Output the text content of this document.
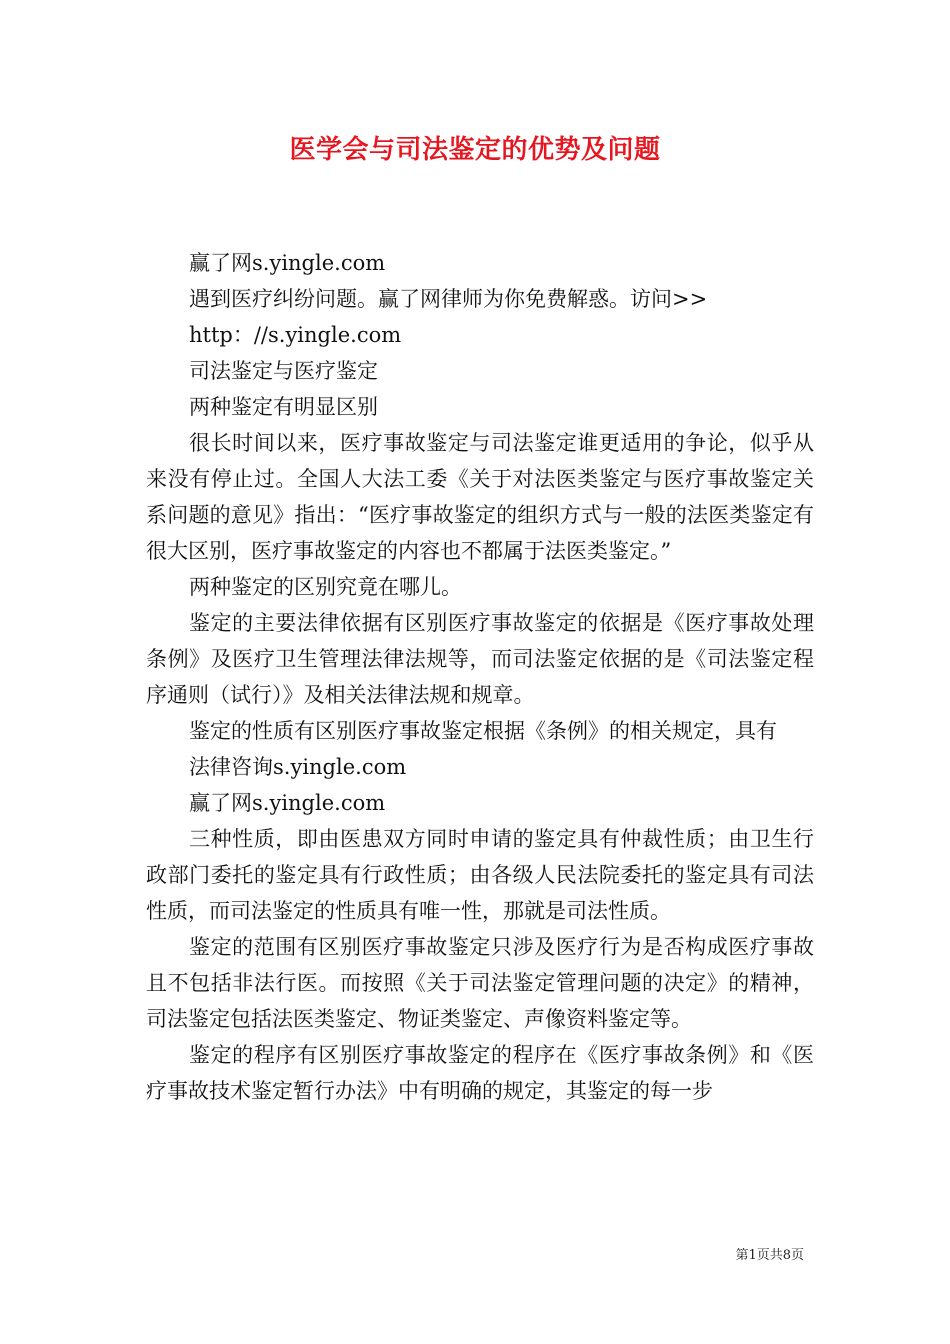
医学会与司法鉴定的优势及问题
赢了网s.yingle.com
遇到医疗纠纷问题。赢了网律师为你免费解惑。访问>>
http：//s.yingle.com
司法鉴定与医疗鉴定
两种鉴定有明显区别
很长时间以来，医疗事故鉴定与司法鉴定谁更适用的争论，似乎从来没有停止过。全国人大法工委《关于对法医类鉴定与医疗事故鉴定关系问题的意见》指出：“医疗事故鉴定的组织方式与一般的法医类鉴定有很大区别，医疗事故鉴定的内容也不都属于法医类鉴定。”
两种鉴定的区别究竟在哪儿。
鉴定的主要法律依据有区别医疗事故鉴定的依据是《医疗事故处理条例》及医疗卫生管理法律法规等，而司法鉴定依据的是《司法鉴定程序通则（试行）》及相关法律法规和规章。
鉴定的性质有区别医疗事故鉴定根据《条例》的相关规定，具有
法律咨询s.yingle.com
赢了网s.yingle.com
三种性质，即由医患双方同时申请的鉴定具有仲裁性质；由卫生行政部门委托的鉴定具有行政性质；由各级人民法院委托的鉴定具有司法性质，而司法鉴定的性质具有唯一性，那就是司法性质。
鉴定的范围有区别医疗事故鉴定只涉及医疗行为是否构成医疗事故且不包括非法行医。而按照《关于司法鉴定管理问题的决定》的精神，司法鉴定包括法医类鉴定、物证类鉴定、声像资料鉴定等。
鉴定的程序有区别医疗事故鉴定的程序在《医疗事故条例》和《医疗事故技术鉴定暂行办法》中有明确的规定，其鉴定的每一步
第1页共8页
